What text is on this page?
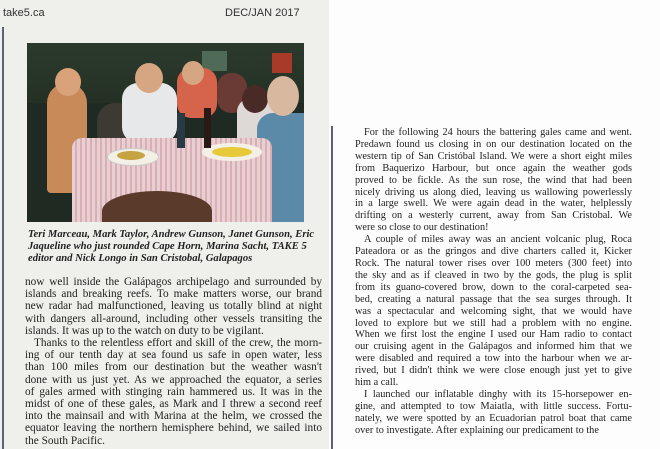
take5.ca	DEC/JAN 2017
Teri Marceau, Mark Taylor, Andrew Gunson, Janet Gunson, Eric
Jaqueline who just rounded Cape Horn, Marina Sacht, TAKE 5
editor and Nick Longo in San Cristobal, Galapagos
now well inside the Galápagos archipelago and surrounded by
islands and breaking reefs. To make matters worse, our brand
new radar had malfunctioned, leaving us totally blind at night
with dangers all-around, including other vessels transiting the
islands. It was up to the watch on duty to be vigilant.
Thanks to the relentless effort and skill of the crew, the morn-
ing of our tenth day at sea found us safe in open water, less
than 100 miles from our destination but the weather wasn't
done with us just yet. As we approached the equator, a series
of gales armed with stinging rain hammered us. It was in the
midst of one of these gales, as Mark and I threw a second reef
into the mainsail and with Marina at the helm, we crossed the
equator leaving the northern hemisphere behind, we sailed into
the South Pacific.
For the following 24 hours the battering gales came and went.
Predawn found us closing in on our destination located on the
western tip of San Cristóbal Island. We were a short eight miles
from Baquerizo Harbour, but once again the weather gods
proved to be fickle. As the sun rose, the wind that had been
nicely driving us along died, leaving us wallowing powerlessly
in a large swell. We were again dead in the water, helplessly
drifting on a westerly current, away from San Cristobal. We
were so close to our destination!
A couple of miles away was an ancient volcanic plug, Roca
Pateadora or as the gringos and dive charters called it, Kicker
Rock. The natural tower rises over 100 meters (300 feet) into
the sky and as if cleaved in two by the gods, the plug is split
from its guano-covered brow, down to the coral-carpeted sea-
bed, creating a natural passage that the sea surges through. It
was a spectacular and welcoming sight, that we would have
loved to explore but we still had a problem with no engine.
When we first lost the engine I used our Ham radio to contact
our cruising agent in the Galápagos and informed him that we
were disabled and required a tow into the harbour when we ar-
rived, but I didn't think we were close enough just yet to give
him a call.
I launched our inflatable dinghy with its 15-horsepower en-
gine, and attempted to tow Maiatla, with little success. Fortu-
nately, we were spotted by an Ecuadorian patrol boat that came
over to investigate. After explaining our predicament to the
